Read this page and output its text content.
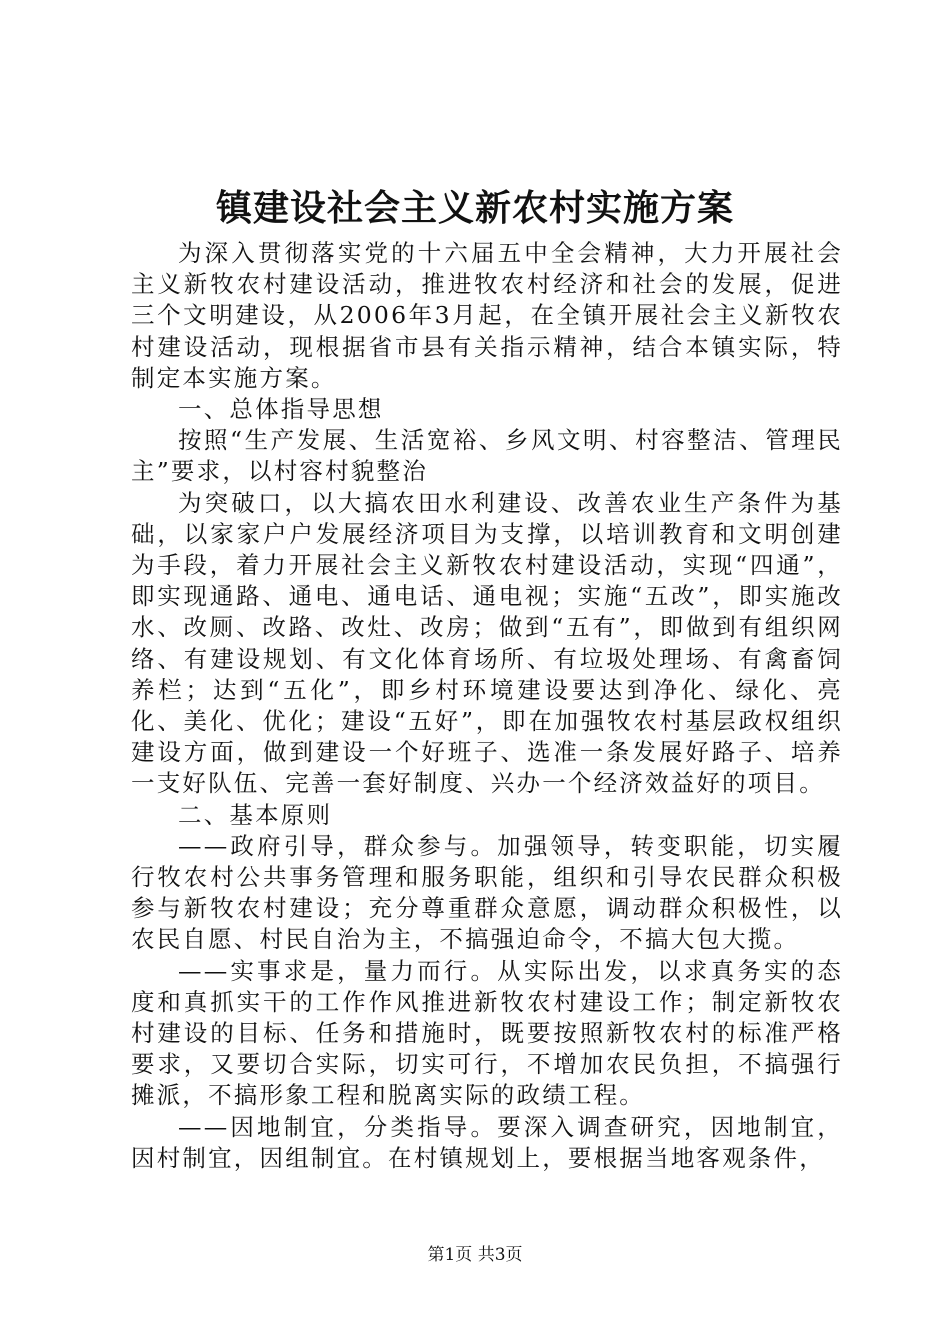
镇建设社会主义新农村实施方案

为深入贯彻落实党的十六届五中全会精神，大力开展社会主义新牧农村建设活动，推进牧农村经济和社会的发展，促进三个文明建设，从2006年3月起，在全镇开展社会主义新牧农村建设活动，现根据省市县有关指示精神，结合本镇实际，特制定本实施方案。

一、总体指导思想

按照“生产发展、生活宽裕、乡风文明、村容整洁、管理民主”要求，以村容村貌整治

为突破口，以大搞农田水利建设、改善农业生产条件为基础，以家家户户发展经济项目为支撑，以培训教育和文明创建为手段，着力开展社会主义新牧农村建设活动，实现“四通”，即实现通路、通电、通电话、通电视；实施“五改”，即实施改水、改厕、改路、改灶、改房；做到“五有”，即做到有组织网络、有建设规划、有文化体育场所、有垃圾处理场、有禽畜饲养栏；达到“五化”，即乡村环境建设要达到净化、绿化、亮化、美化、优化；建设“五好”，即在加强牧农村基层政权组织建设方面，做到建设一个好班子、选准一条发展好路子、培养一支好队伍、完善一套好制度、兴办一个经济效益好的项目。

二、基本原则

——政府引导，群众参与。加强领导，转变职能，切实履行牧农村公共事务管理和服务职能，组织和引导农民群众积极参与新牧农村建设；充分尊重群众意愿，调动群众积极性，以农民自愿、村民自治为主，不搞强迫命令，不搞大包大揽。

——实事求是，量力而行。从实际出发，以求真务实的态度和真抓实干的工作作风推进新牧农村建设工作；制定新牧农村建设的目标、任务和措施时，既要按照新牧农村的标准严格要求，又要切合实际，切实可行，不增加农民负担，不搞强行摊派，不搞形象工程和脱离实际的政绩工程。

——因地制宜，分类指导。要深入调查研究，因地制宜，因村制宜，因组制宜。在村镇规划上，要根据当地客观条件，

第1页 共3页
